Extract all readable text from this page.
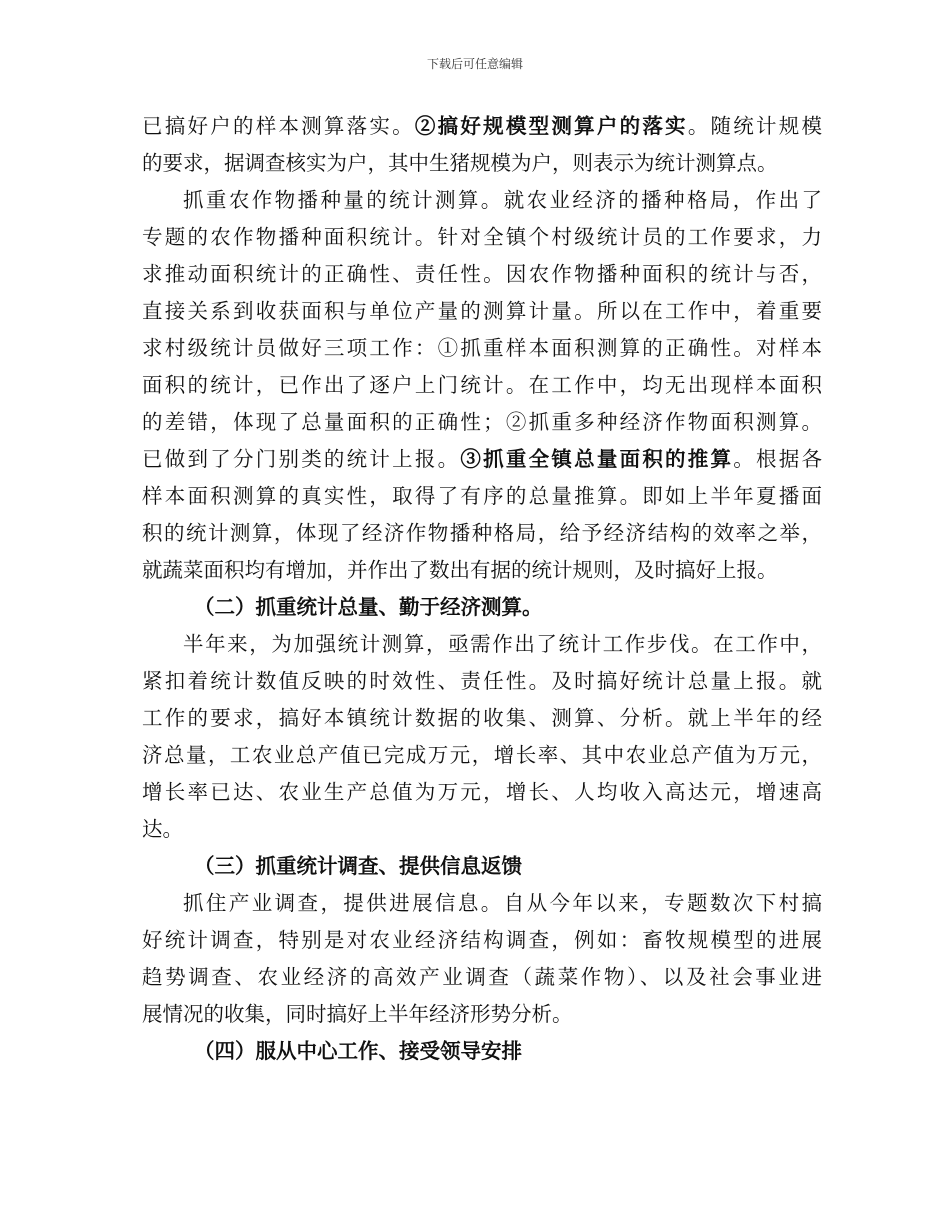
下载后可任意编辑
已搞好户的样本测算落实。②搞好规模型测算户的落实。随统计规模
的要求，据调查核实为户，其中生猪规模为户，则表示为统计测算点。
抓重农作物播种量的统计测算。就农业经济的播种格局，作出了
专题的农作物播种面积统计。针对全镇个村级统计员的工作要求，力
求推动面积统计的正确性、责任性。因农作物播种面积的统计与否，
直接关系到收获面积与单位产量的测算计量。所以在工作中，着重要
求村级统计员做好三项工作：①抓重样本面积测算的正确性。对样本
面积的统计，已作出了逐户上门统计。在工作中，均无出现样本面积
的差错，体现了总量面积的正确性；②抓重多种经济作物面积测算。
已做到了分门别类的统计上报。③抓重全镇总量面积的推算。根据各
样本面积测算的真实性，取得了有序的总量推算。即如上半年夏播面
积的统计测算，体现了经济作物播种格局，给予经济结构的效率之举，
就蔬菜面积均有增加，并作出了数出有据的统计规则，及时搞好上报。
（二）抓重统计总量、勤于经济测算。
半年来，为加强统计测算，亟需作出了统计工作步伐。在工作中，
紧扣着统计数值反映的时效性、责任性。及时搞好统计总量上报。就
工作的要求，搞好本镇统计数据的收集、测算、分析。就上半年的经
济总量，工农业总产值已完成万元，增长率、其中农业总产值为万元，
增长率已达、农业生产总值为万元，增长、人均收入高达元，增速高
达。
（三）抓重统计调查、提供信息返馈
抓住产业调查，提供进展信息。自从今年以来，专题数次下村搞
好统计调查，特别是对农业经济结构调查，例如：畜牧规模型的进展
趋势调查、农业经济的高效产业调查（蔬菜作物）、以及社会事业进
展情况的收集，同时搞好上半年经济形势分析。
（四）服从中心工作、接受领导安排
